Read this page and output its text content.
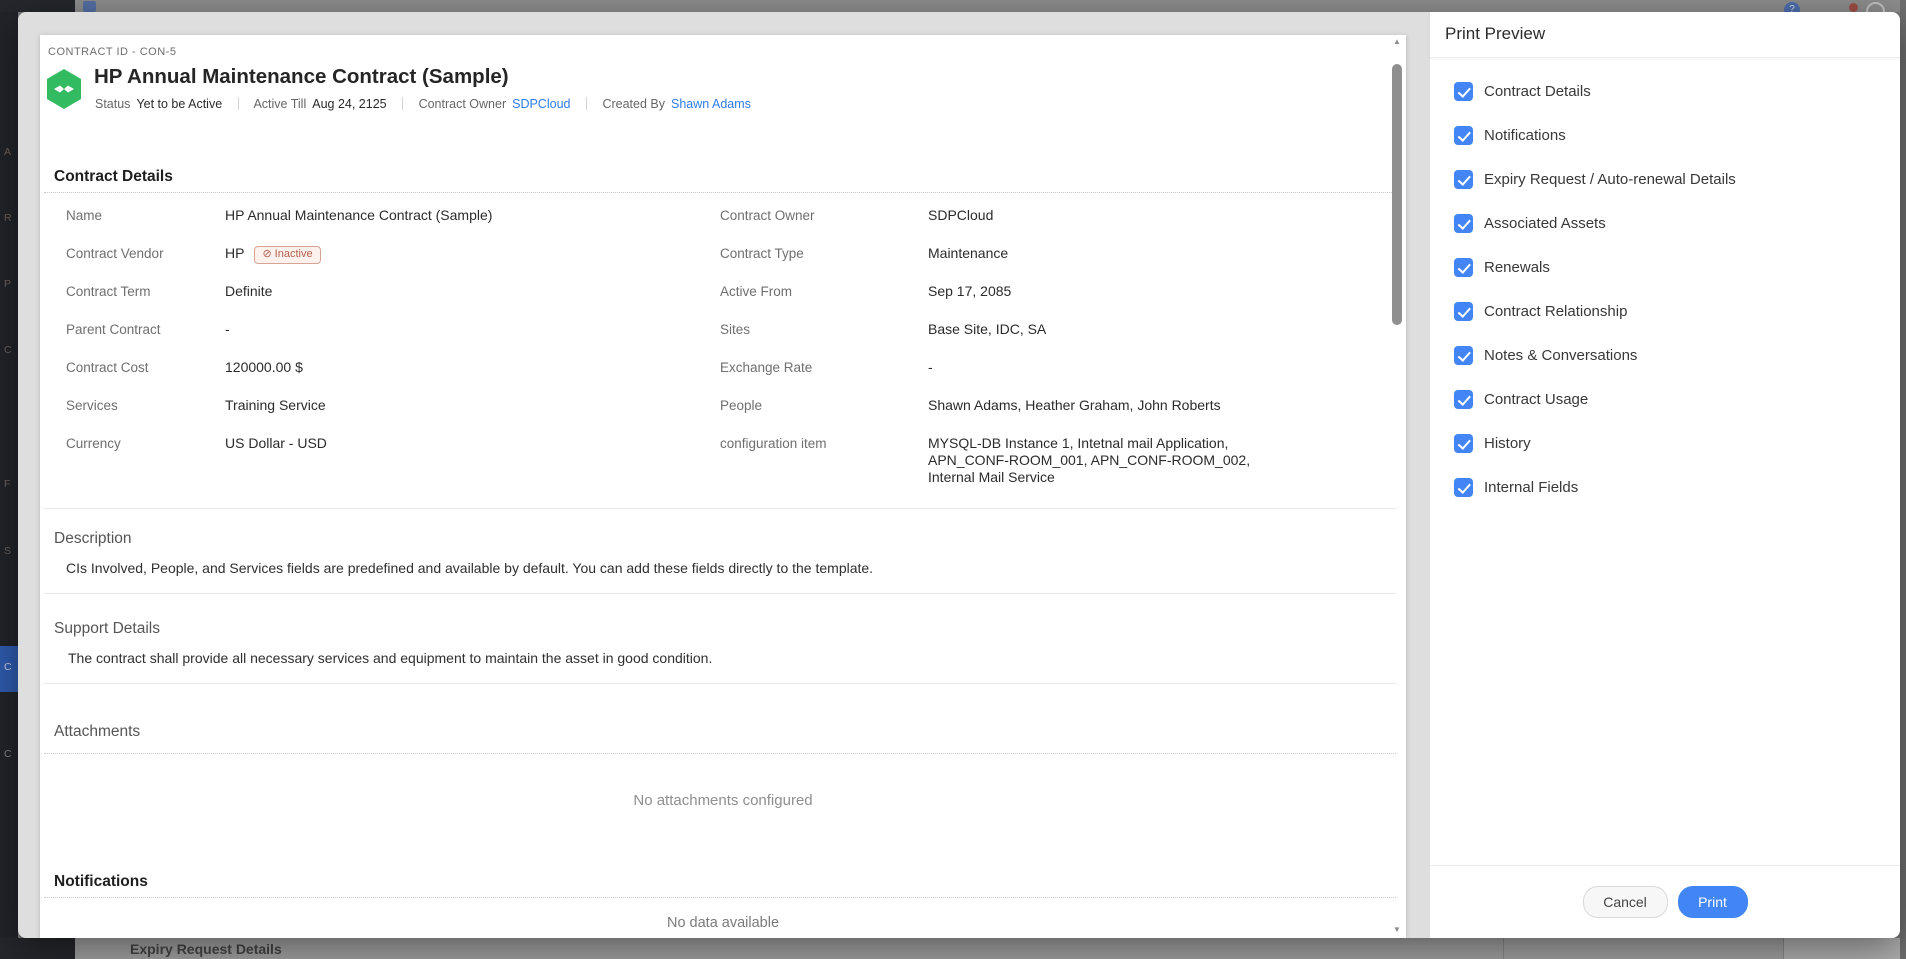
?
A
R
P
C
F
S
C
C
Expiry Request Details
CONTRACT ID - CON-5
HP Annual Maintenance Contract (Sample)
Status Yet to be Active	Active Till Aug 24, 2125	Contract Owner SDPCloud	Created By Shawn Adams
Contract Details
Name	HP Annual Maintenance Contract (Sample)
Contract Vendor	HP ⊘ Inactive
Contract Term	Definite
Parent Contract	-
Contract Cost	120000.00 $
Services	Training Service
Currency	US Dollar - USD
Contract Owner	SDPCloud
Contract Type	Maintenance
Active From	Sep 17, 2085
Sites	Base Site, IDC, SA
Exchange Rate	-
People	Shawn Adams, Heather Graham, John Roberts
configuration item	MYSQL-DB Instance 1, Intetnal mail Application, APN_CONF-ROOM_001, APN_CONF-ROOM_002, Internal Mail Service
Description
CIs Involved, People, and Services fields are predefined and available by default. You can add these fields directly to the template.
Support Details
The contract shall provide all necessary services and equipment to maintain the asset in good condition.
Attachments
No attachments configured
Notifications
No data available
▲
▼
Print Preview
Contract Details
Notifications
Expiry Request / Auto-renewal Details
Associated Assets
Renewals
Contract Relationship
Notes & Conversations
Contract Usage
History
Internal Fields
Cancel	Print
